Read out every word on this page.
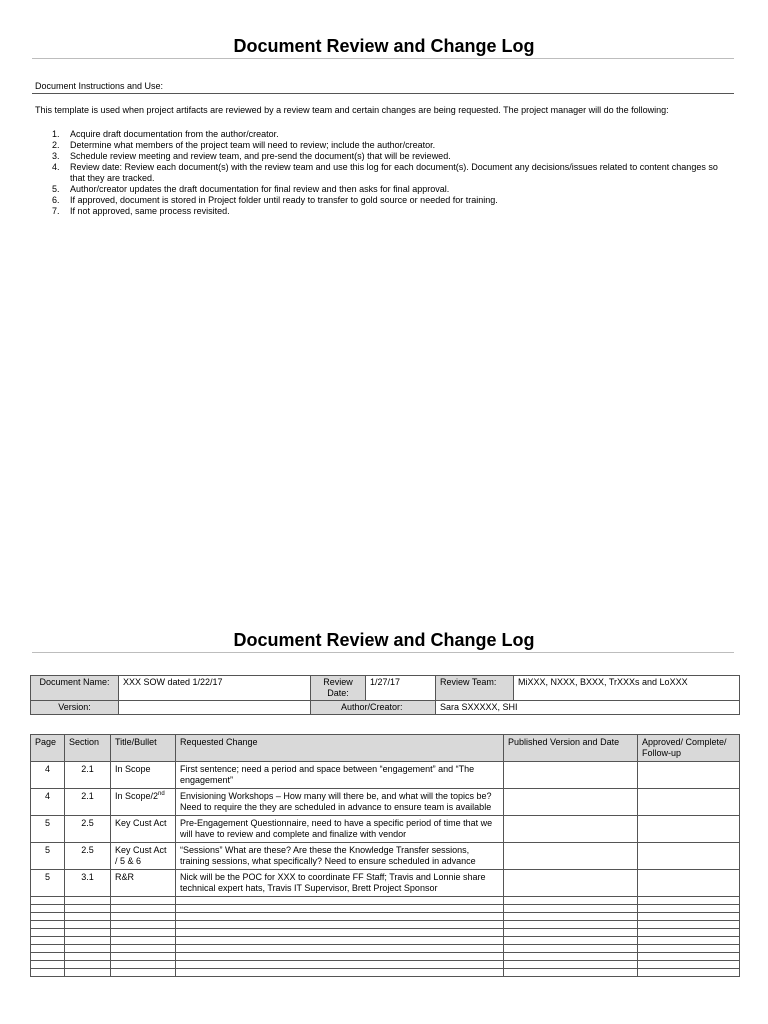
Document Review and Change Log
Document Instructions and Use:
This template is used when project artifacts are reviewed by a review team and certain changes are being requested. The project manager will do the following:
1. Acquire draft documentation from the author/creator.
2. Determine what members of the project team will need to review; include the author/creator.
3. Schedule review meeting and review team, and pre-send the document(s) that will be reviewed.
4. Review date: Review each document(s) with the review team and use this log for each document(s). Document any decisions/issues related to content changes so that they are tracked.
5. Author/creator updates the draft documentation for final review and then asks for final approval.
6. If approved, document is stored in Project folder until ready to transfer to gold source or needed for training.
7. If not approved, same process revisited.
Document Review and Change Log
Document Name:	XXX SOW dated 1/22/17	Review Date:	1/27/17	Review Team:	MiXXX, NXXX, BXXX, TrXXXs and LoXXX
Version:		Author/Creator:		Sara SXXXXX, SHI	
Page	Section	Title/Bullet	Requested Change	Published Version and Date	Approved/ Complete/ Follow-up
4	2.1	In Scope	First sentence; need a period and space between “engagement” and “The engagement”		
4	2.1	In Scope/2nd	Envisioning Workshops – How many will there be, and what will the topics be? Need to require the they are scheduled in advance to ensure team is available		
5	2.5	Key Cust Act	Pre-Engagement Questionnaire, need to have a specific period of time that we will have to review and complete and finalize with vendor		
5	2.5	Key Cust Act / 5 & 6	“Sessions” What are these? Are these the Knowledge Transfer sessions, training sessions, what specifically? Need to ensure scheduled in advance		
5	3.1	R&R	Nick will be the POC for XXX to coordinate FF Staff; Travis and Lonnie share technical expert hats, Travis IT Supervisor, Brett Project Sponsor		
